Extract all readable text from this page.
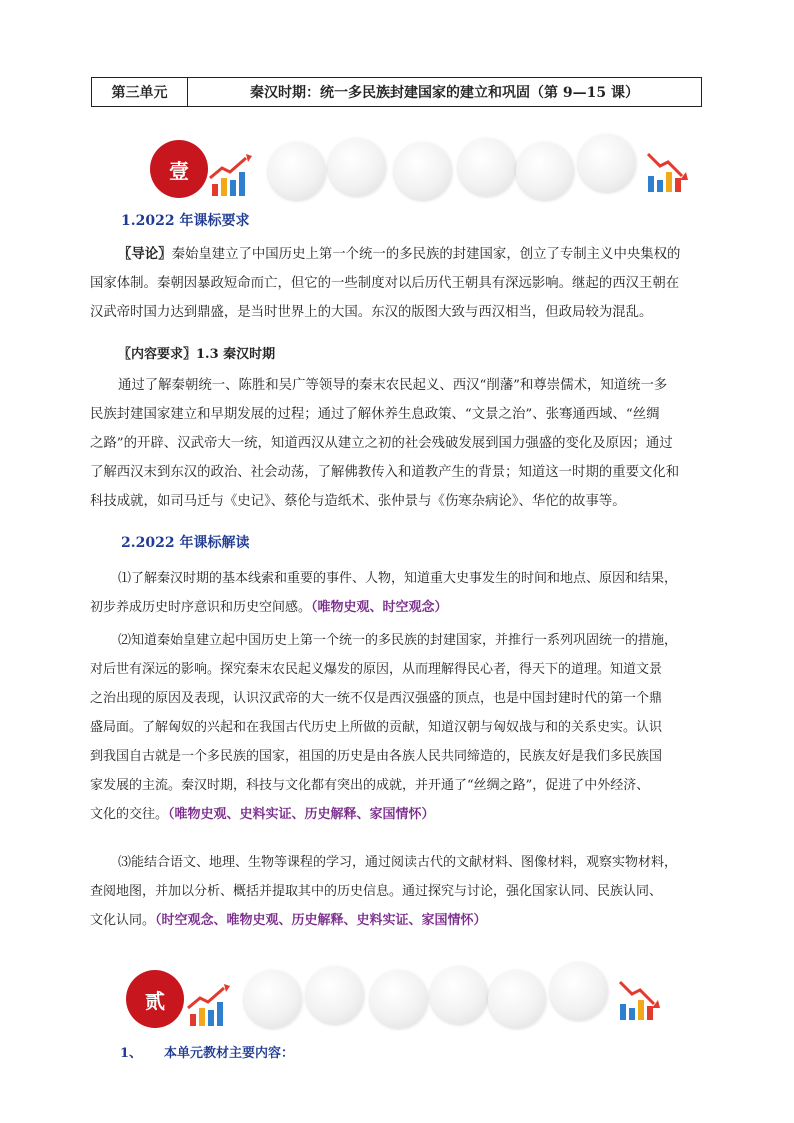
第三单元	秦汉时期：统一多民族封建国家的建立和巩固（第 9—15 课）
壹
1.2022 年课标要求
〖导论〗秦始皇建立了中国历史上第一个统一的多民族的封建国家，创立了专制主义中央集权的
国家体制。秦朝因暴政短命而亡，但它的一些制度对以后历代王朝具有深远影响。继起的西汉王朝在
汉武帝时国力达到鼎盛，是当时世界上的大国。东汉的版图大致与西汉相当，但政局较为混乱。
〖内容要求〗1.3 秦汉时期
通过了解秦朝统一、陈胜和吴广等领导的秦末农民起义、西汉“削藩”和尊崇儒术，知道统一多
民族封建国家建立和早期发展的过程；通过了解休养生息政策、“文景之治”、张骞通西域、“丝绸
之路”的开辟、汉武帝大一统，知道西汉从建立之初的社会残破发展到国力强盛的变化及原因；通过
了解西汉末到东汉的政治、社会动荡，了解佛教传入和道教产生的背景；知道这一时期的重要文化和
科技成就，如司马迁与《史记》、蔡伦与造纸术、张仲景与《伤寒杂病论》、华佗的故事等。
2.2022 年课标解读
⑴了解秦汉时期的基本线索和重要的事件、人物，知道重大史事发生的时间和地点、原因和结果，
初步养成历史时序意识和历史空间感。（唯物史观、时空观念）
⑵知道秦始皇建立起中国历史上第一个统一的多民族的封建国家，并推行一系列巩固统一的措施，
对后世有深远的影响。探究秦末农民起义爆发的原因，从而理解得民心者，得天下的道理。知道文景
之治出现的原因及表现，认识汉武帝的大一统不仅是西汉强盛的顶点，也是中国封建时代的第一个鼎
盛局面。了解匈奴的兴起和在我国古代历史上所做的贡献，知道汉朝与匈奴战与和的关系史实。认识
到我国自古就是一个多民族的国家，祖国的历史是由各族人民共同缔造的，民族友好是我们多民族国
家发展的主流。秦汉时期，科技与文化都有突出的成就，并开通了“丝绸之路”，促进了中外经济、
文化的交往。（唯物史观、史料实证、历史解释、家国情怀）
⑶能结合语文、地理、生物等课程的学习，通过阅读古代的文献材料、图像材料，观察实物材料，
查阅地图，并加以分析、概括并提取其中的历史信息。通过探究与讨论，强化国家认同、民族认同、
文化认同。（时空观念、唯物史观、历史解释、史料实证、家国情怀）
贰
1、 本单元教材主要内容：
